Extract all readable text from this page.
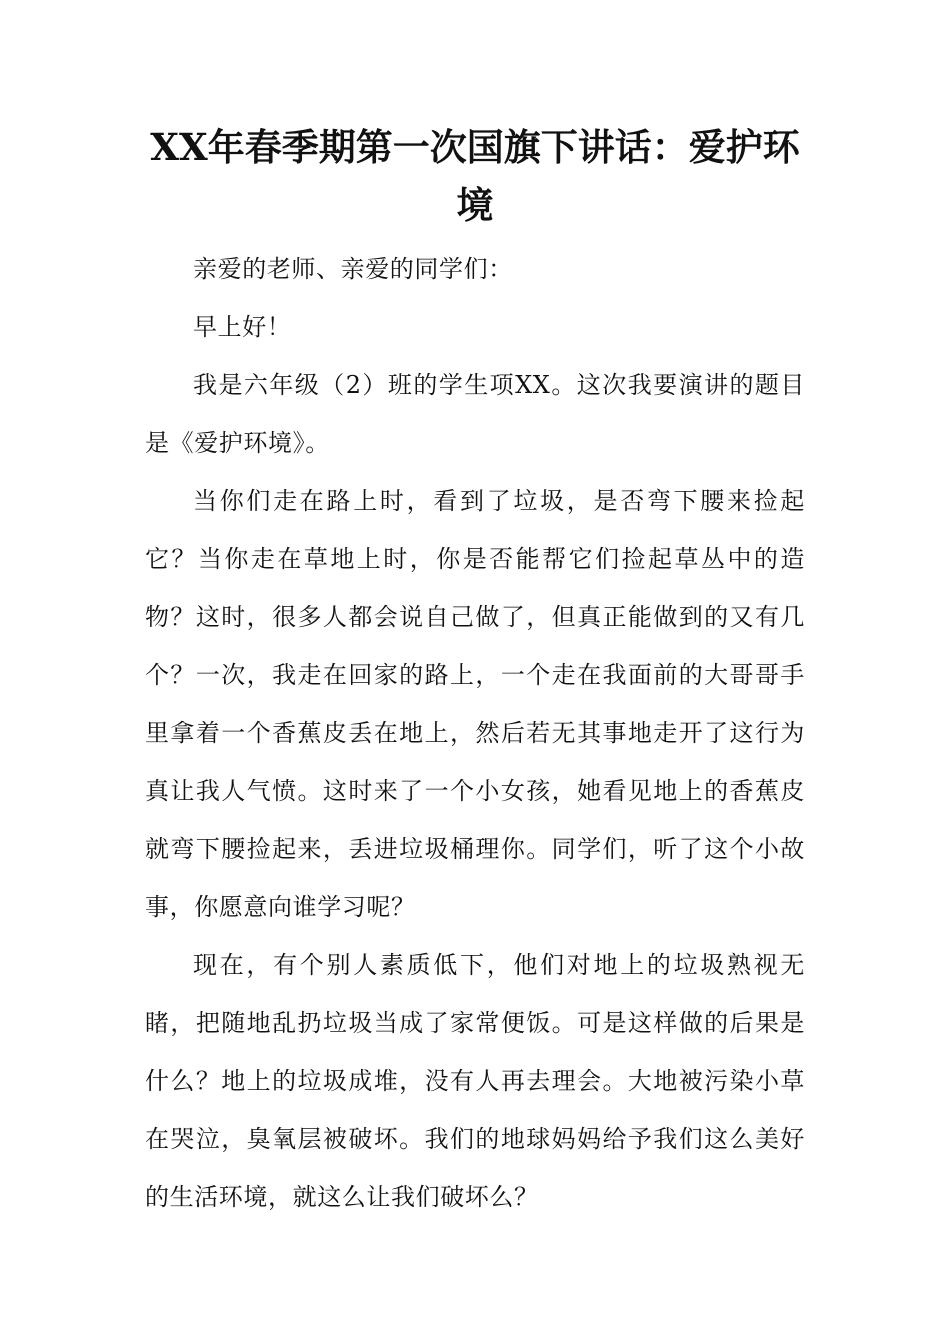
XX年春季期第一次国旗下讲话：爱护环境

亲爱的老师、亲爱的同学们：

早上好！

我是六年级（2）班的学生项XX。这次我要演讲的题目是《爱护环境》。

当你们走在路上时，看到了垃圾，是否弯下腰来捡起它？当你走在草地上时，你是否能帮它们捡起草丛中的造物？这时，很多人都会说自己做了，但真正能做到的又有几个？一次，我走在回家的路上，一个走在我面前的大哥哥手里拿着一个香蕉皮丢在地上，然后若无其事地走开了这行为真让我人气愤。这时来了一个小女孩，她看见地上的香蕉皮就弯下腰捡起来，丢进垃圾桶理你。同学们，听了这个小故事，你愿意向谁学习呢？

现在，有个别人素质低下，他们对地上的垃圾熟视无睹，把随地乱扔垃圾当成了家常便饭。可是这样做的后果是什么？地上的垃圾成堆，没有人再去理会。大地被污染小草在哭泣，臭氧层被破坏。我们的地球妈妈给予我们这么美好的生活环境，就这么让我们破坏么？
